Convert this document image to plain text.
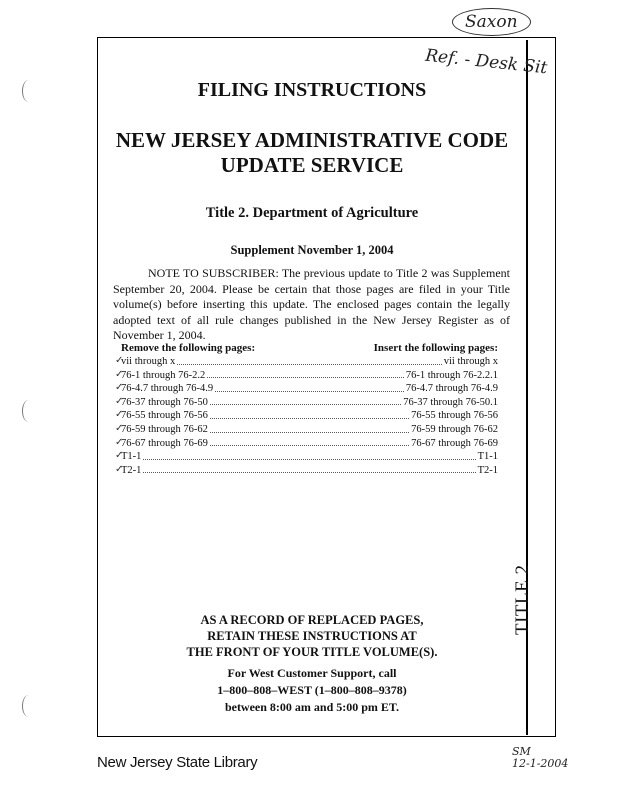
TITLE 2
FILING INSTRUCTIONS
NEW JERSEY ADMINISTRATIVE CODE
UPDATE SERVICE
Title 2. Department of Agriculture
Supplement November 1, 2004
NOTE TO SUBSCRIBER: The previous update to Title 2 was Supplement September 20, 2004. Please be certain that those pages are filed in your Title volume(s) before inserting this update. The enclosed pages contain the legally adopted text of all rule changes published in the New Jersey Register as of November 1, 2004.
Remove the following pages:	Insert the following pages:
vii through x	vii through x
76-1 through 76-2.2	76-1 through 76-2.2.1
76-4.7 through 76-4.9	76-4.7 through 76-4.9
76-37 through 76-50	76-37 through 76-50.1
76-55 through 76-56	76-55 through 76-56
76-59 through 76-62	76-59 through 76-62
76-67 through 76-69	76-67 through 76-69
T1-1	T1-1
T2-1	T2-1
AS A RECORD OF REPLACED PAGES,
RETAIN THESE INSTRUCTIONS AT
THE FRONT OF YOUR TITLE VOLUME(S).
For West Customer Support, call
1–800–808–WEST (1–800–808–9378)
between 8:00 am and 5:00 pm ET.
New Jersey State Library
Saxon
Ref. - Desk Sit
SM
12-1-2004
✓
✓
✓
✓
✓
✓
✓
✓
✓
